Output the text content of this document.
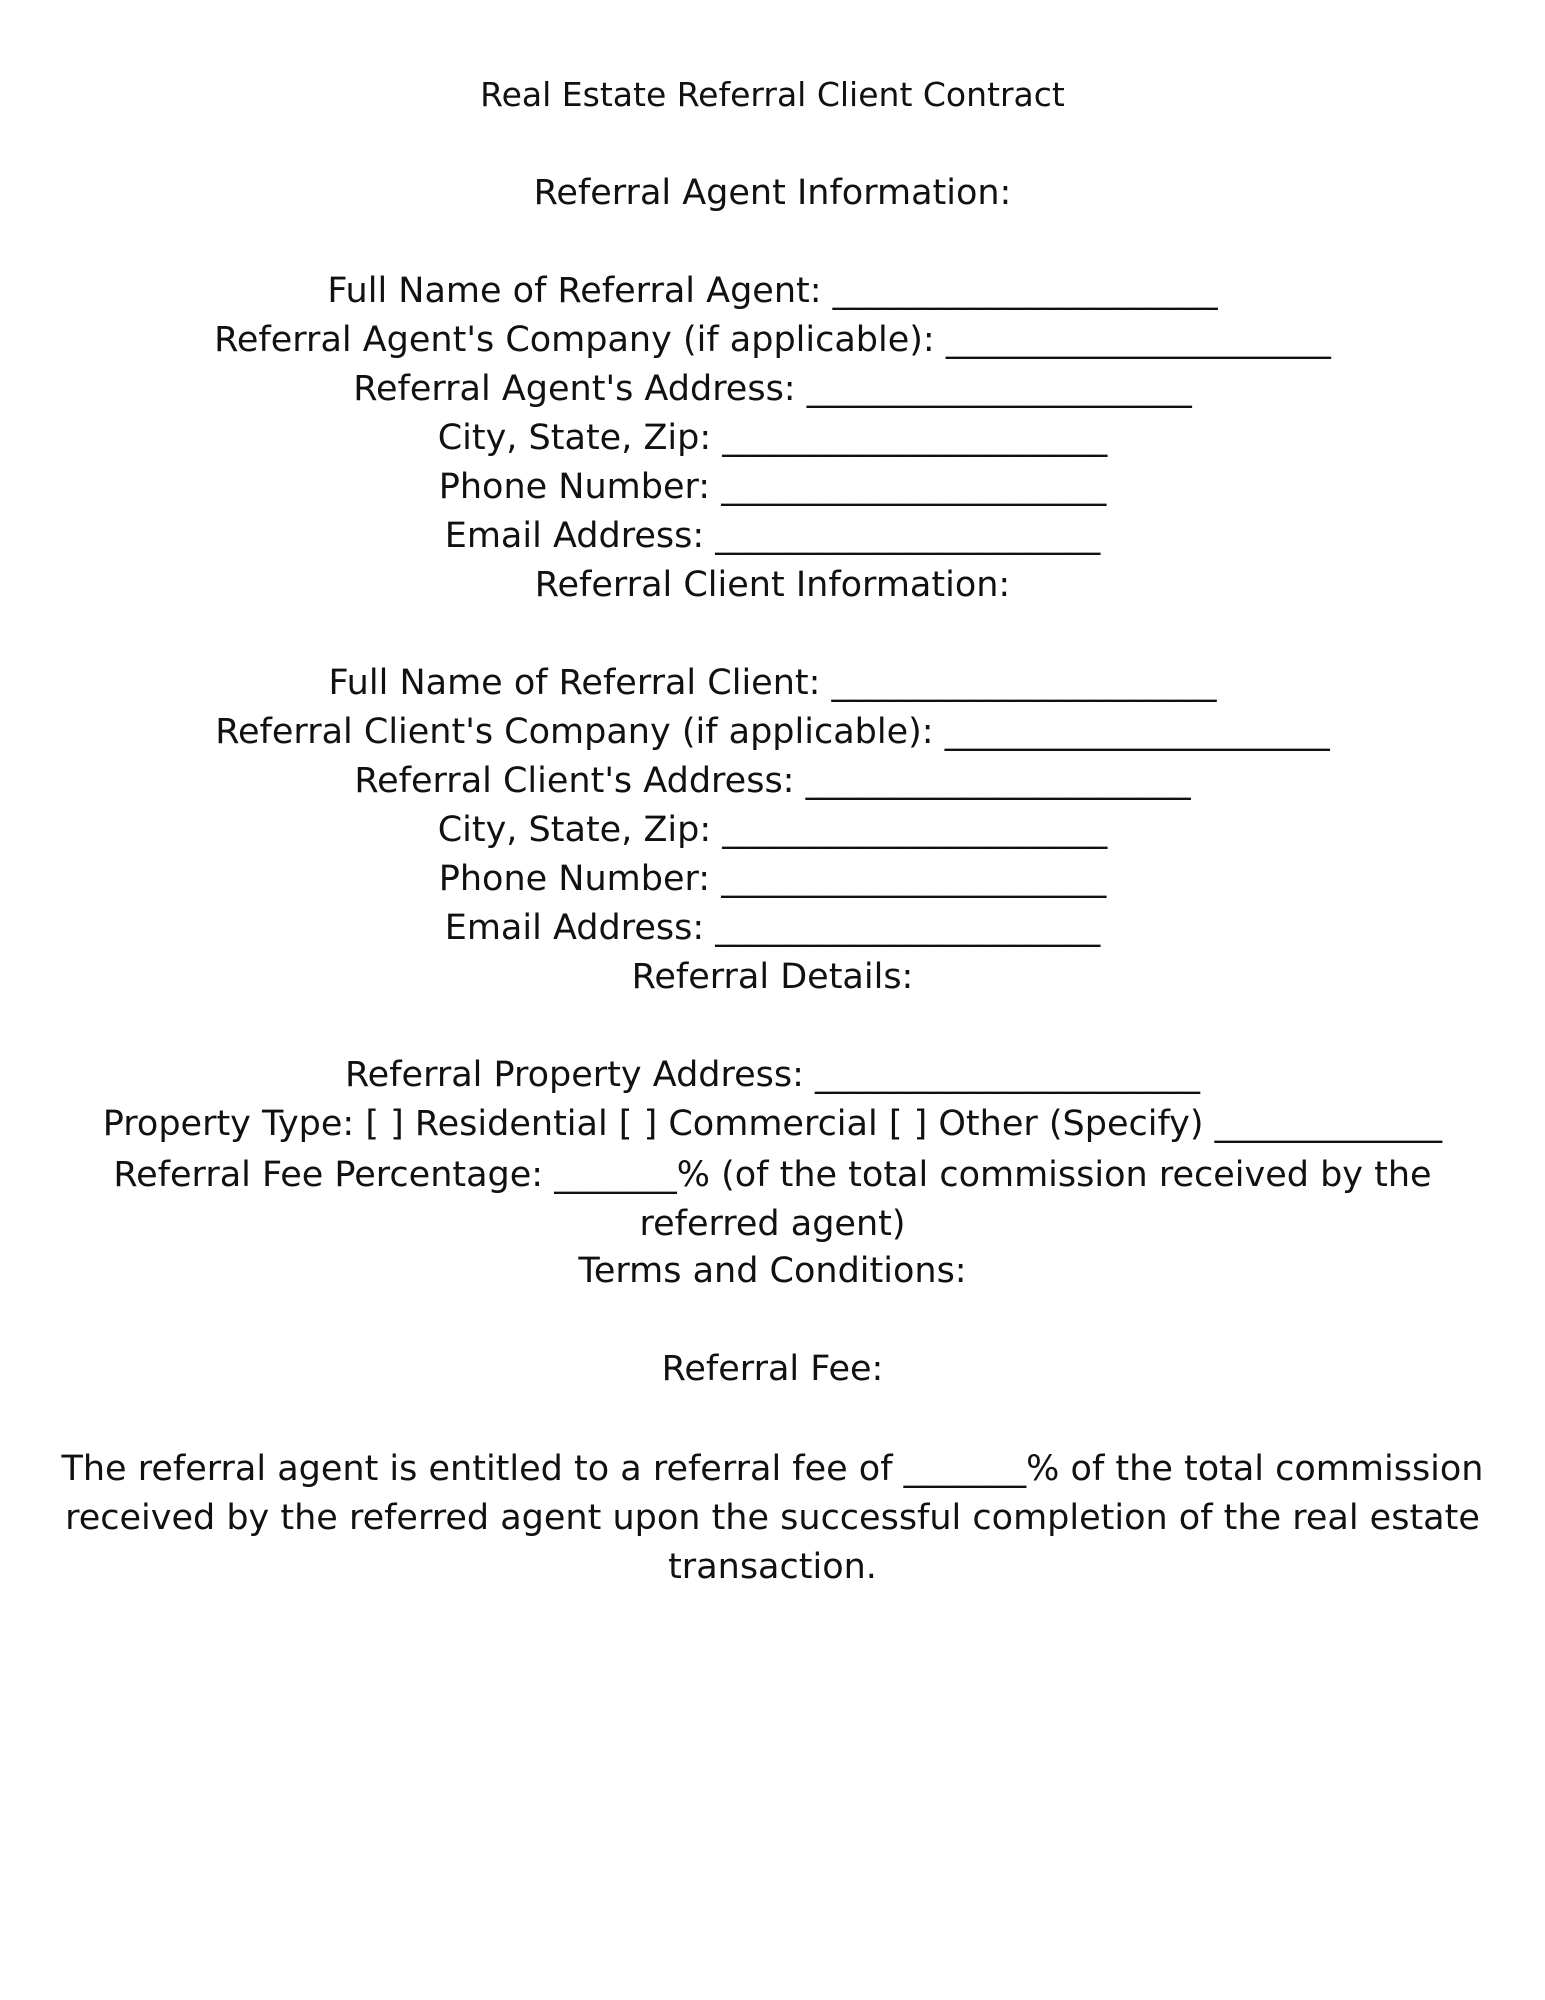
Real Estate Referral Client Contract
Referral Agent Information:
Full Name of Referral Agent: ______________________
Referral Agent's Company (if applicable): ______________________
Referral Agent's Address: ______________________
City, State, Zip: ______________________
Phone Number: ______________________
Email Address: ______________________
Referral Client Information:
Full Name of Referral Client: ______________________
Referral Client's Company (if applicable): ______________________
Referral Client's Address: ______________________
City, State, Zip: ______________________
Phone Number: ______________________
Email Address: ______________________
Referral Details:
Referral Property Address: ______________________
Property Type: [ ] Residential [ ] Commercial [ ] Other (Specify) _____________
Referral Fee Percentage: _______% (of the total commission received by the referred agent)
Terms and Conditions:
Referral Fee:
The referral agent is entitled to a referral fee of _______% of the total commission received by the referred agent upon the successful completion of the real estate transaction.
